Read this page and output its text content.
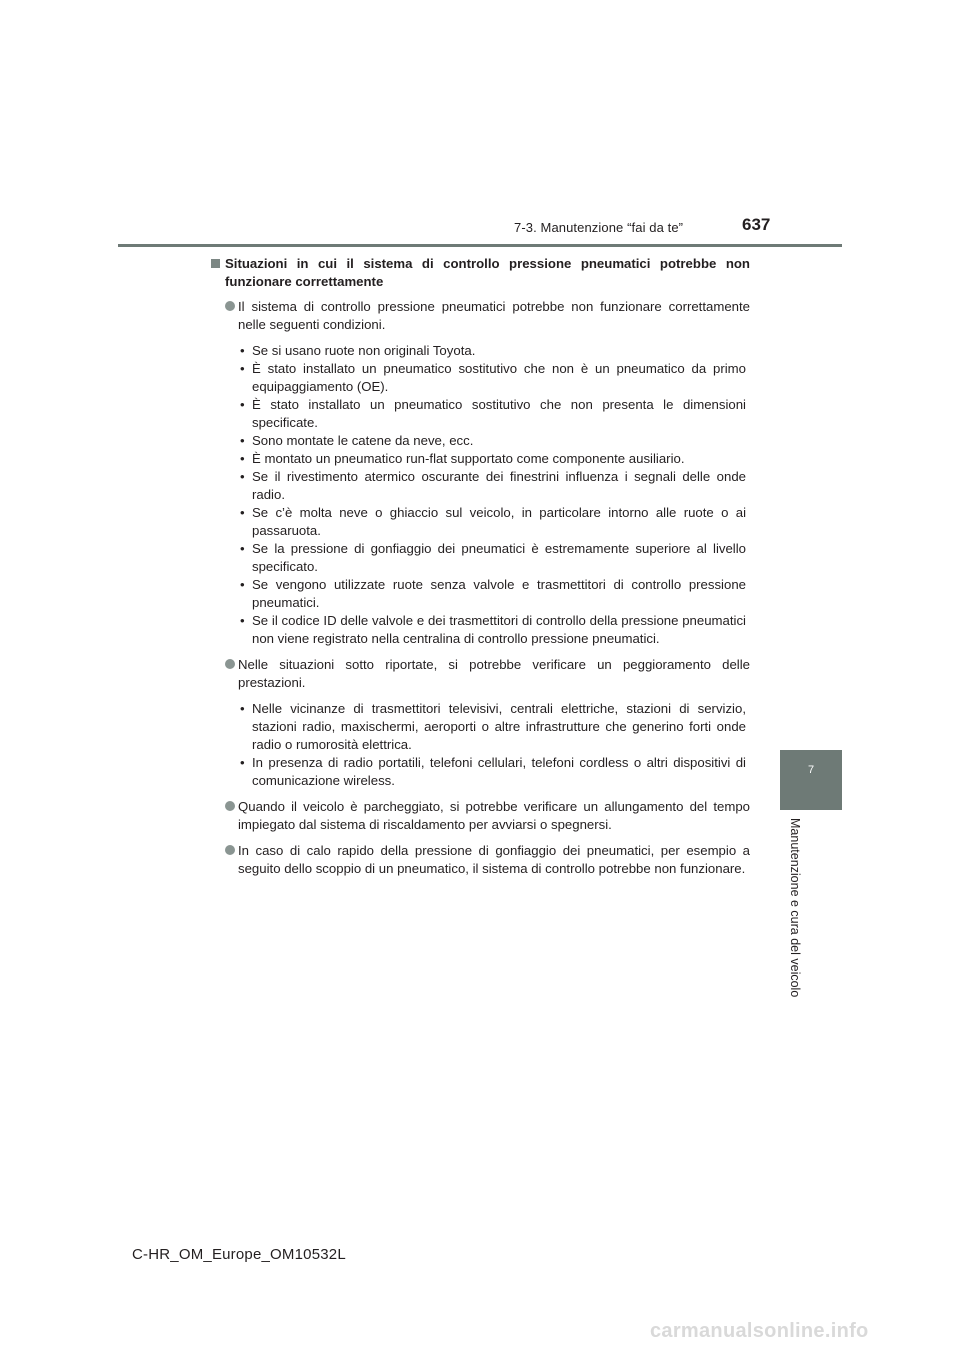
7-3. Manutenzione “fai da te”	637
7
Manutenzione e cura del veicolo
Situazioni in cui il sistema di controllo pressione pneumatici potrebbe non funzionare correttamente
Il sistema di controllo pressione pneumatici potrebbe non funzionare correttamente nelle seguenti condizioni.
• Se si usano ruote non originali Toyota.
• È stato installato un pneumatico sostitutivo che non è un pneumatico da primo equipaggiamento (OE).
• È stato installato un pneumatico sostitutivo che non presenta le dimensioni specificate.
• Sono montate le catene da neve, ecc.
• È montato un pneumatico run-flat supportato come componente ausiliario.
• Se il rivestimento atermico oscurante dei finestrini influenza i segnali delle onde radio.
• Se c’è molta neve o ghiaccio sul veicolo, in particolare intorno alle ruote o ai passaruota.
• Se la pressione di gonfiaggio dei pneumatici è estremamente superiore al livello specificato.
• Se vengono utilizzate ruote senza valvole e trasmettitori di controllo pressione pneumatici.
• Se il codice ID delle valvole e dei trasmettitori di controllo della pressione pneumatici non viene registrato nella centralina di controllo pressione pneumatici.
Nelle situazioni sotto riportate, si potrebbe verificare un peggioramento delle prestazioni.
• Nelle vicinanze di trasmettitori televisivi, centrali elettriche, stazioni di servizio, stazioni radio, maxischermi, aeroporti o altre infrastrutture che generino forti onde radio o rumorosità elettrica.
• In presenza di radio portatili, telefoni cellulari, telefoni cordless o altri dispositivi di comunicazione wireless.
Quando il veicolo è parcheggiato, si potrebbe verificare un allungamento del tempo impiegato dal sistema di riscaldamento per avviarsi o spegnersi.
In caso di calo rapido della pressione di gonfiaggio dei pneumatici, per esempio a seguito dello scoppio di un pneumatico, il sistema di controllo potrebbe non funzionare.
C-HR_OM_Europe_OM10532L
carmanualsonline.info
